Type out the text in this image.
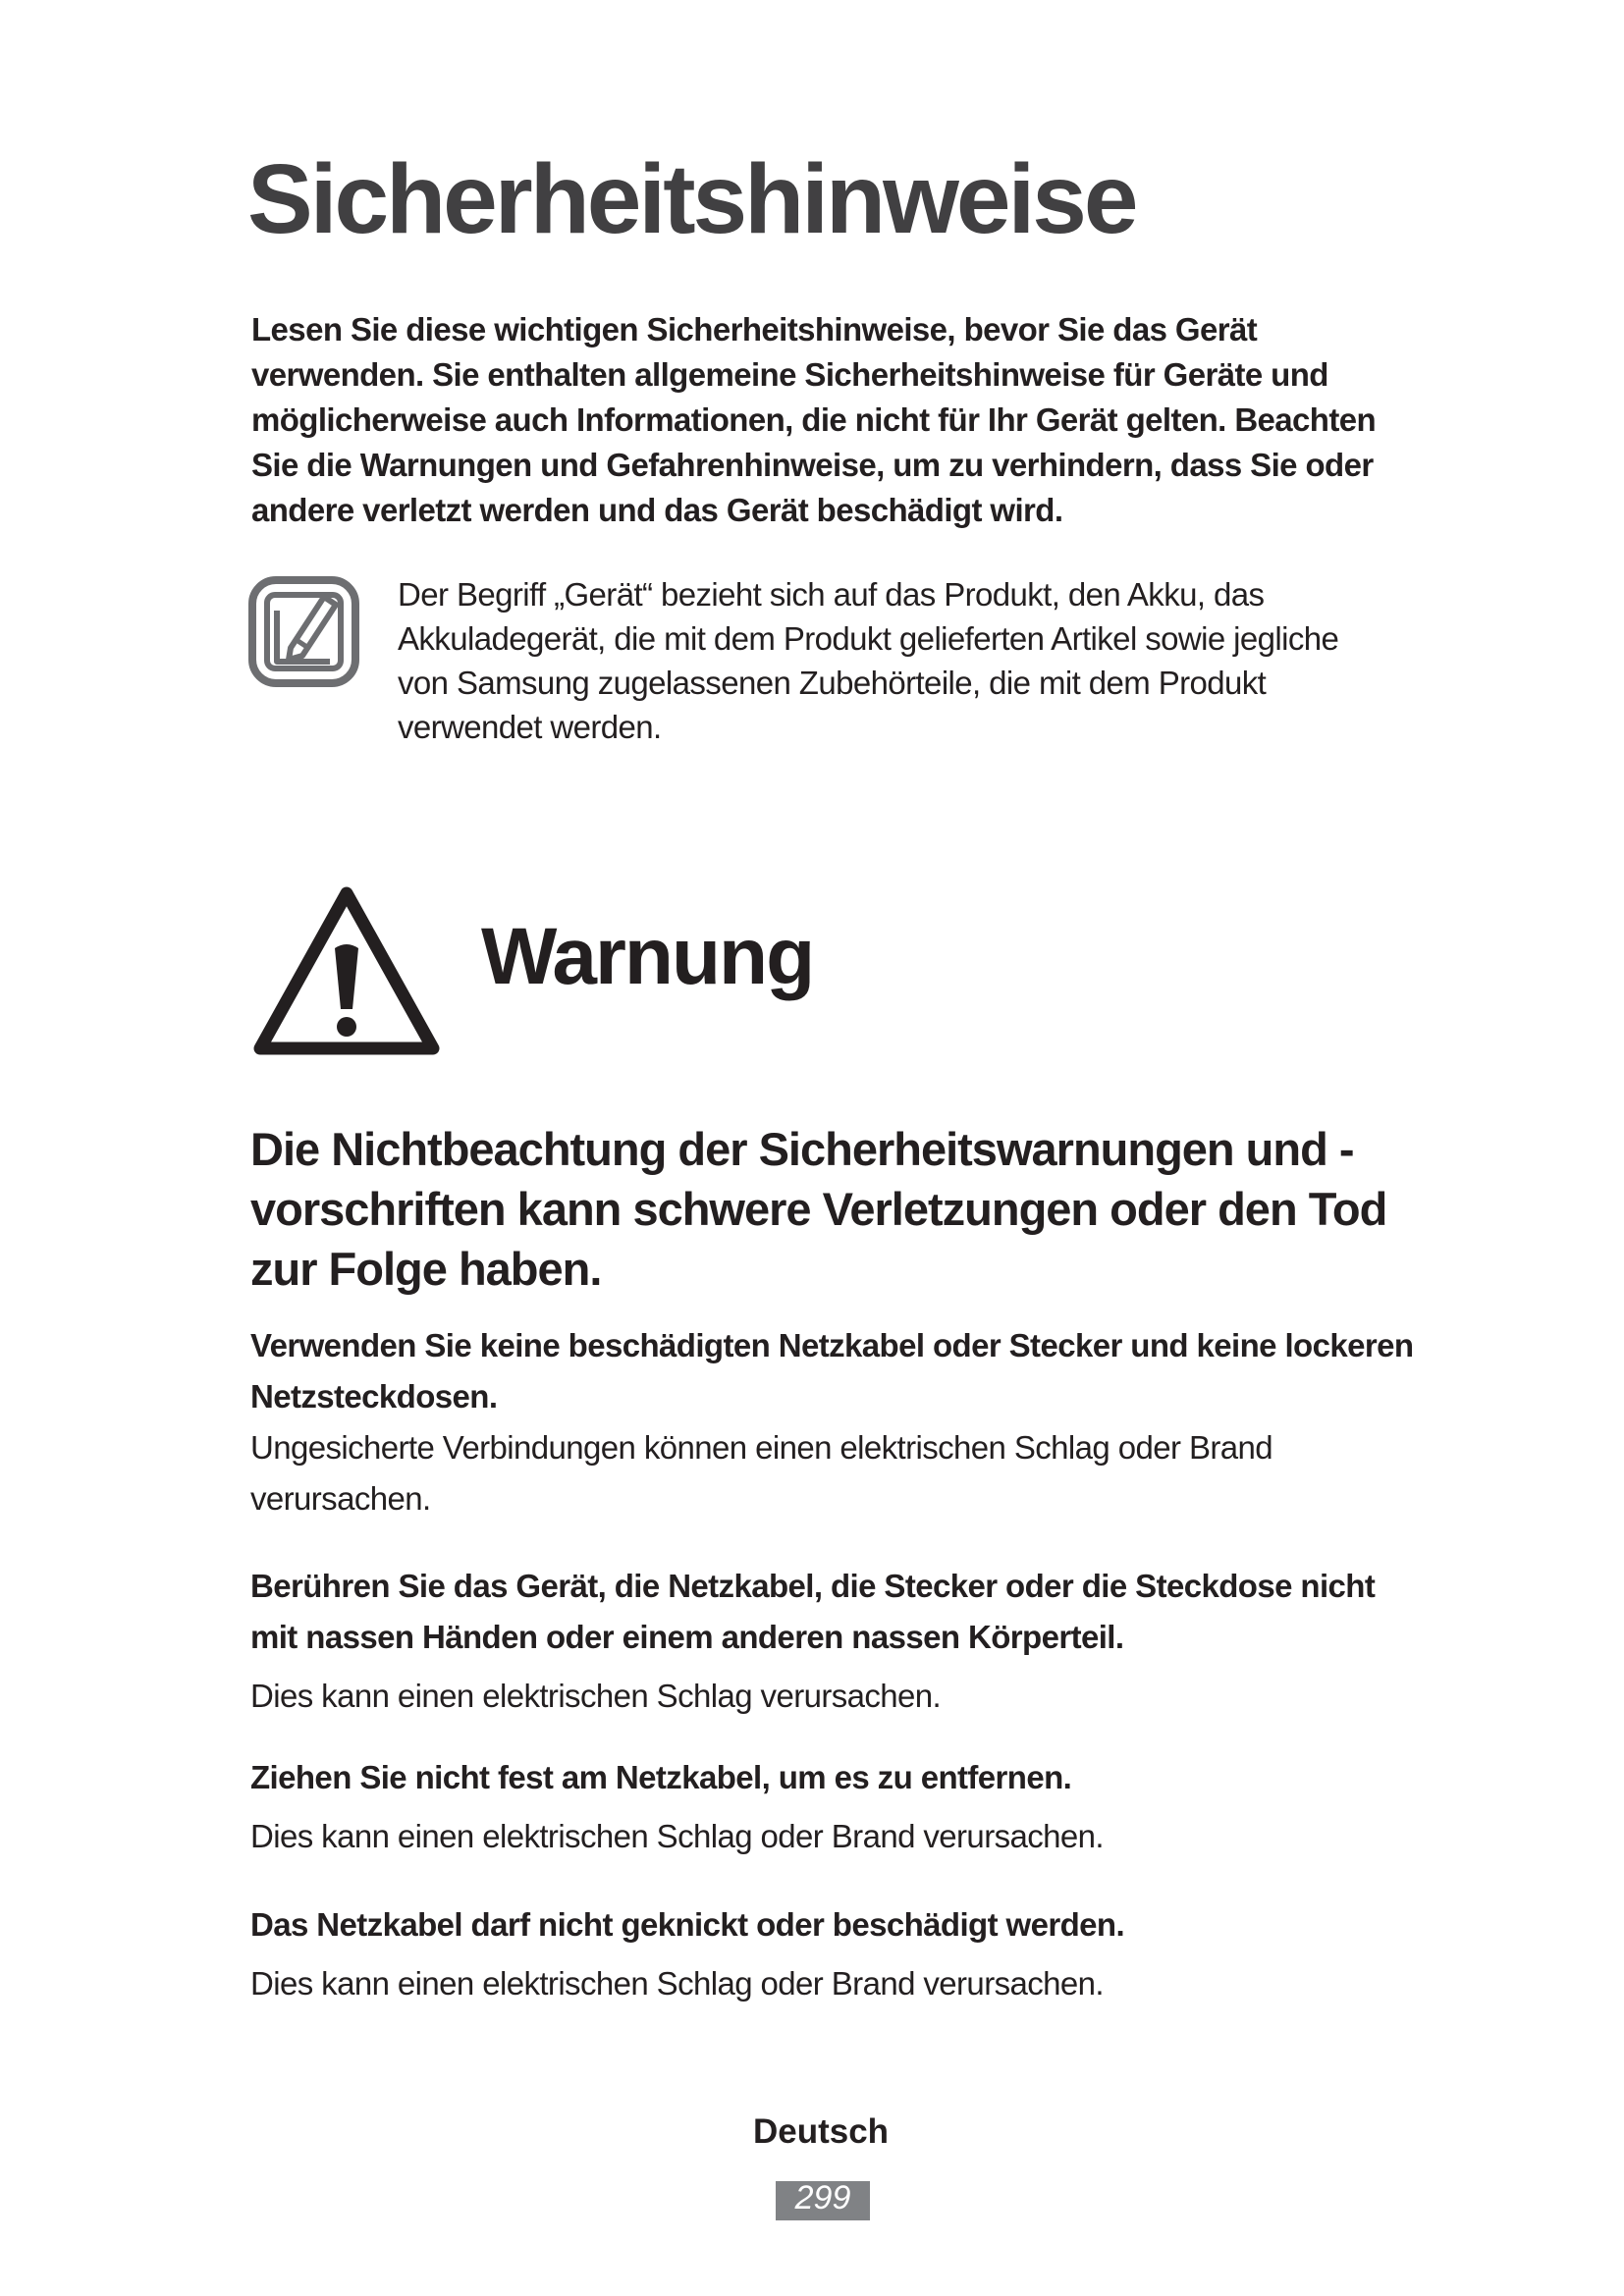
Sicherheitshinweise

Lesen Sie diese wichtigen Sicherheitshinweise, bevor Sie das Gerät verwenden. Sie enthalten allgemeine Sicherheitshinweise für Geräte und möglicherweise auch Informationen, die nicht für Ihr Gerät gelten. Beachten Sie die Warnungen und Gefahrenhinweise, um zu verhindern, dass Sie oder andere verletzt werden und das Gerät beschädigt wird.

Der Begriff „Gerät“ bezieht sich auf das Produkt, den Akku, das Akkuladegerät, die mit dem Produkt gelieferten Artikel sowie jegliche von Samsung zugelassenen Zubehörteile, die mit dem Produkt verwendet werden.

Warnung
Die Nichtbeachtung der Sicherheitswarnungen und -vorschriften kann schwere Verletzungen oder den Tod zur Folge haben.

Verwenden Sie keine beschädigten Netzkabel oder Stecker und keine lockeren Netzsteckdosen.

Ungesicherte Verbindungen können einen elektrischen Schlag oder Brand verursachen.

Berühren Sie das Gerät, die Netzkabel, die Stecker oder die Steckdose nicht mit nassen Händen oder einem anderen nassen Körperteil.

Dies kann einen elektrischen Schlag verursachen.

Ziehen Sie nicht fest am Netzkabel, um es zu entfernen.

Dies kann einen elektrischen Schlag oder Brand verursachen.

Das Netzkabel darf nicht geknickt oder beschädigt werden.

Dies kann einen elektrischen Schlag oder Brand verursachen.

Deutsch

299
